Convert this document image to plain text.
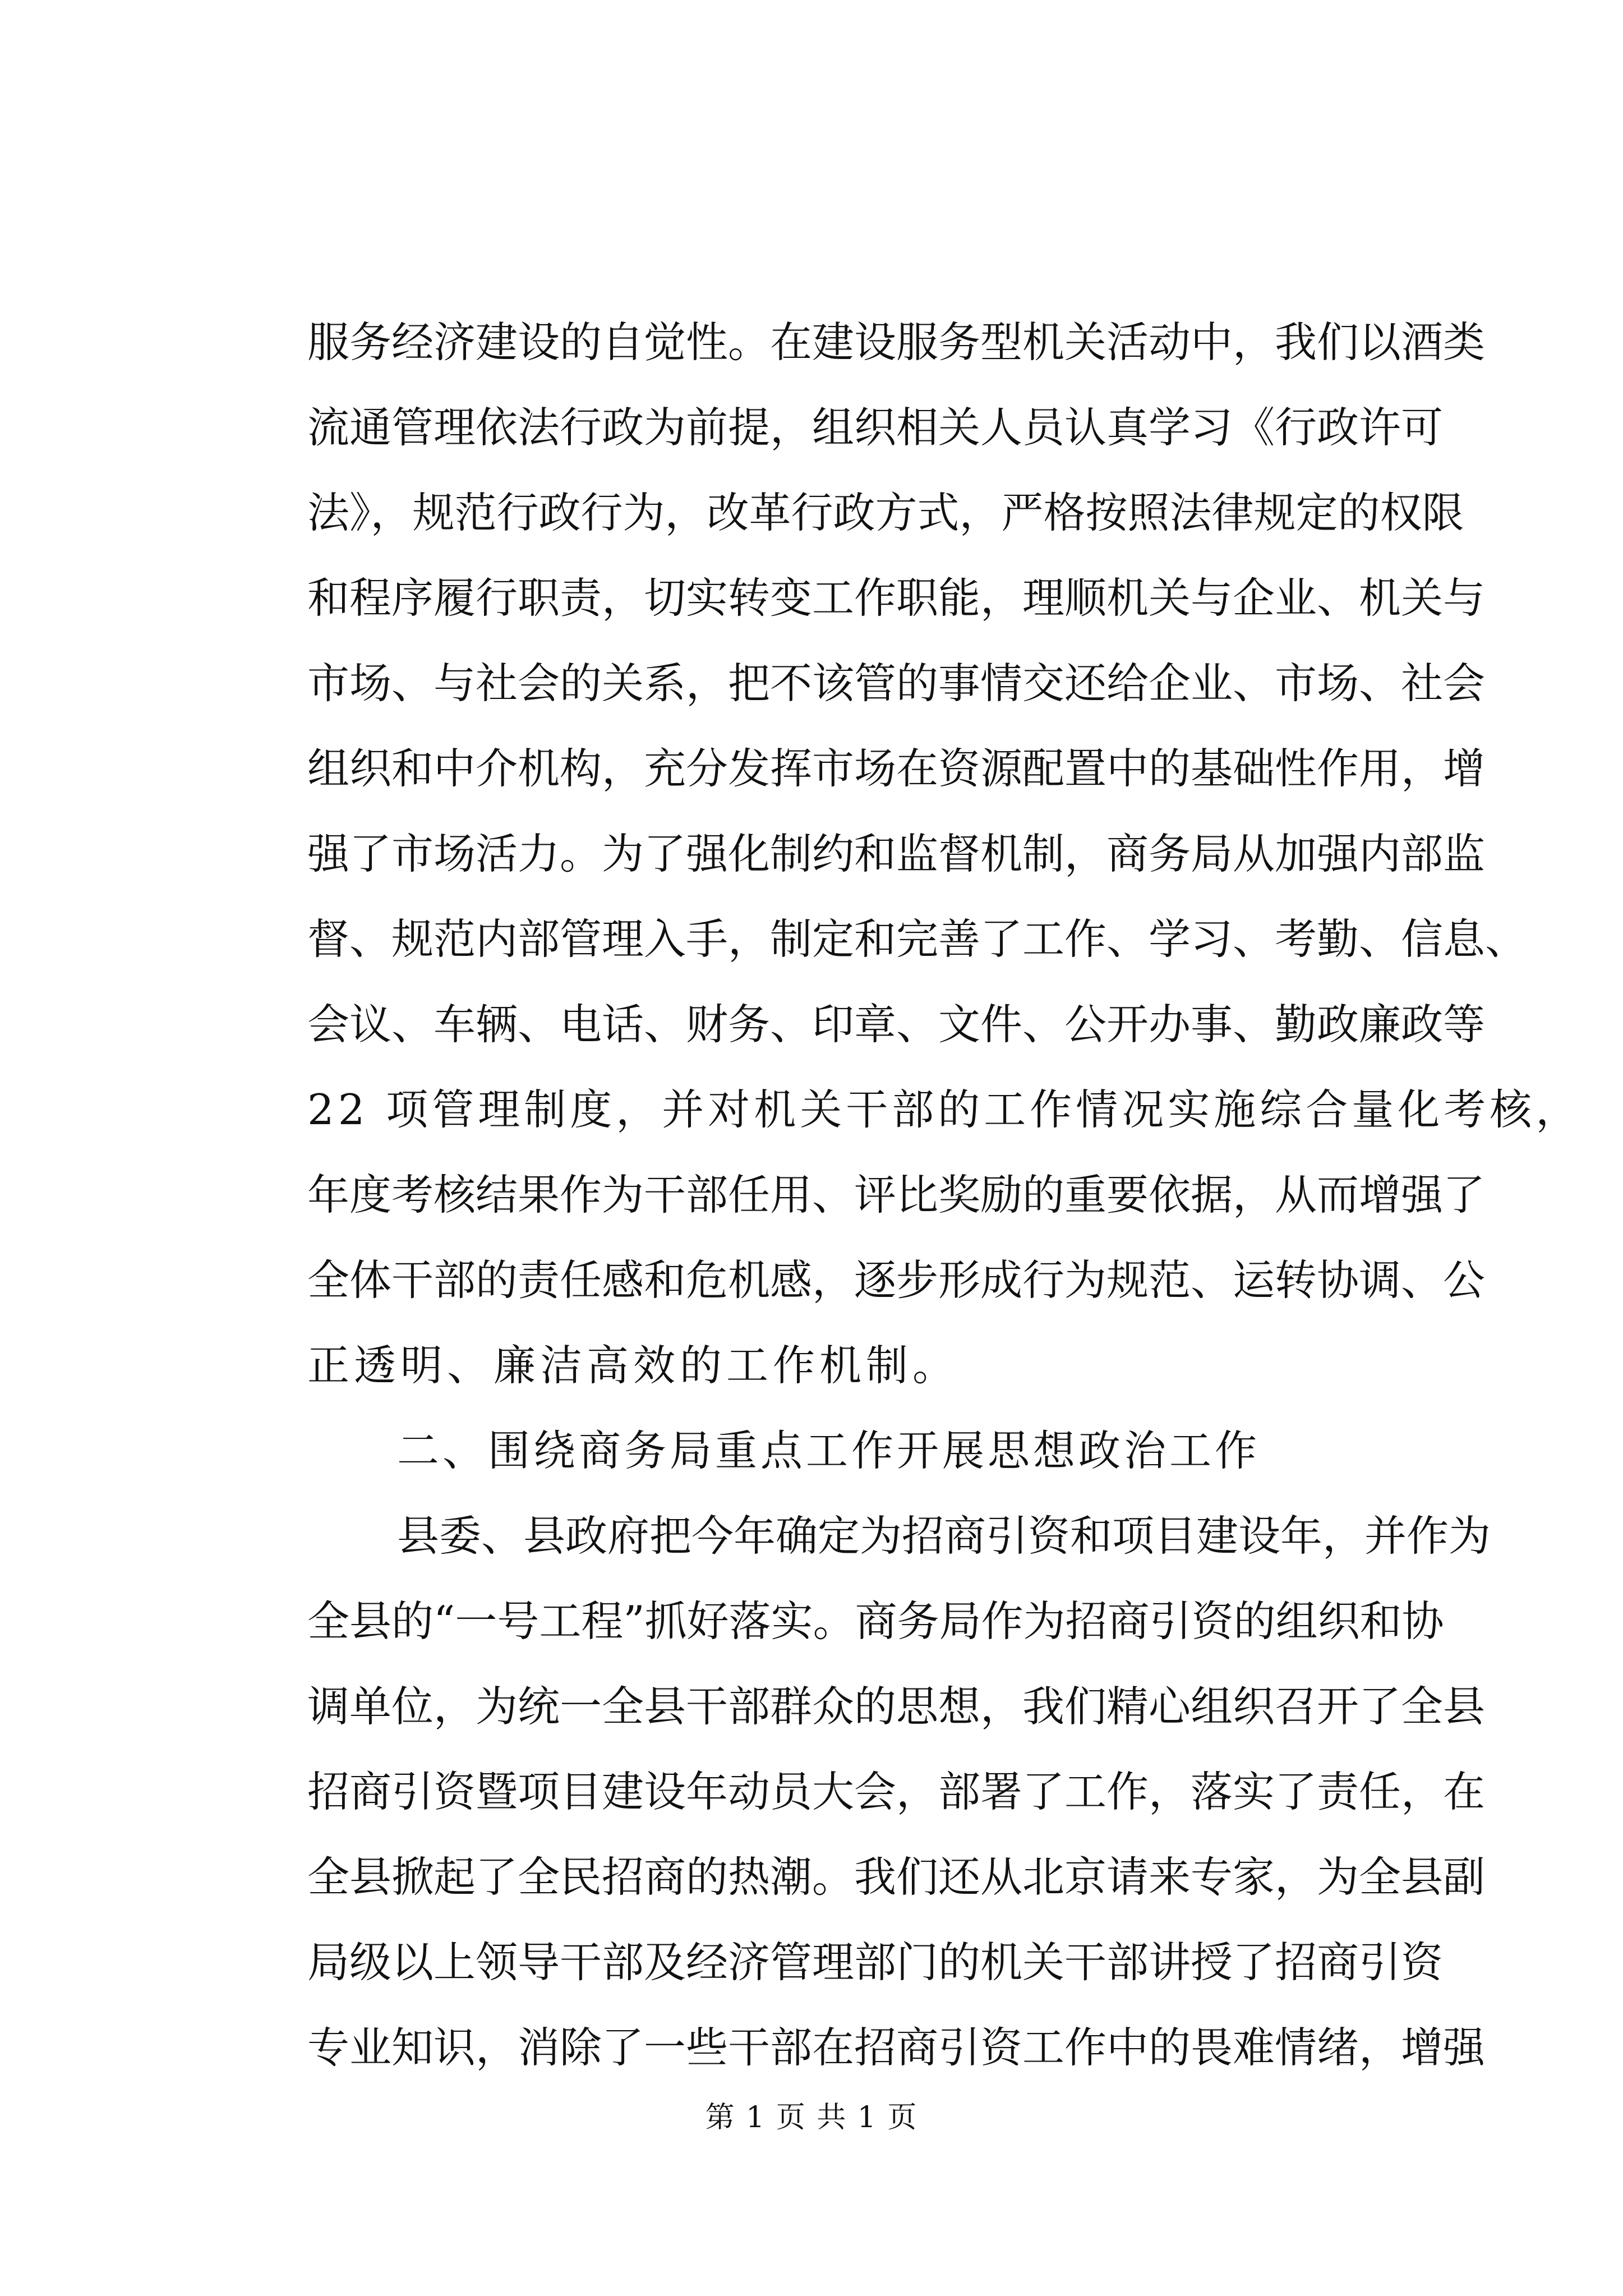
服务经济建设的自觉性。在建设服务型机关活动中，我们以酒类
流通管理依法行政为前提，组织相关人员认真学习《行政许可
法》，规范行政行为，改革行政方式，严格按照法律规定的权限
和程序履行职责，切实转变工作职能，理顺机关与企业、机关与
市场、与社会的关系，把不该管的事情交还给企业、市场、社会
组织和中介机构，充分发挥市场在资源配置中的基础性作用，增
强了市场活力。为了强化制约和监督机制，商务局从加强内部监
督、规范内部管理入手，制定和完善了工作、学习、考勤、信息、
会议、车辆、电话、财务、印章、文件、公开办事、勤政廉政等
22 项管理制度，并对机关干部的工作情况实施综合量化考核，
年度考核结果作为干部任用、评比奖励的重要依据，从而增强了
全体干部的责任感和危机感，逐步形成行为规范、运转协调、公
正透明、廉洁高效的工作机制。
二、围绕商务局重点工作开展思想政治工作
县委、县政府把今年确定为招商引资和项目建设年，并作为
全县的“一号工程”抓好落实。商务局作为招商引资的组织和协
调单位，为统一全县干部群众的思想，我们精心组织召开了全县
招商引资暨项目建设年动员大会，部署了工作，落实了责任，在
全县掀起了全民招商的热潮。我们还从北京请来专家，为全县副
局级以上领导干部及经济管理部门的机关干部讲授了招商引资
专业知识，消除了一些干部在招商引资工作中的畏难情绪，增强
第 1 页 共 1 页
